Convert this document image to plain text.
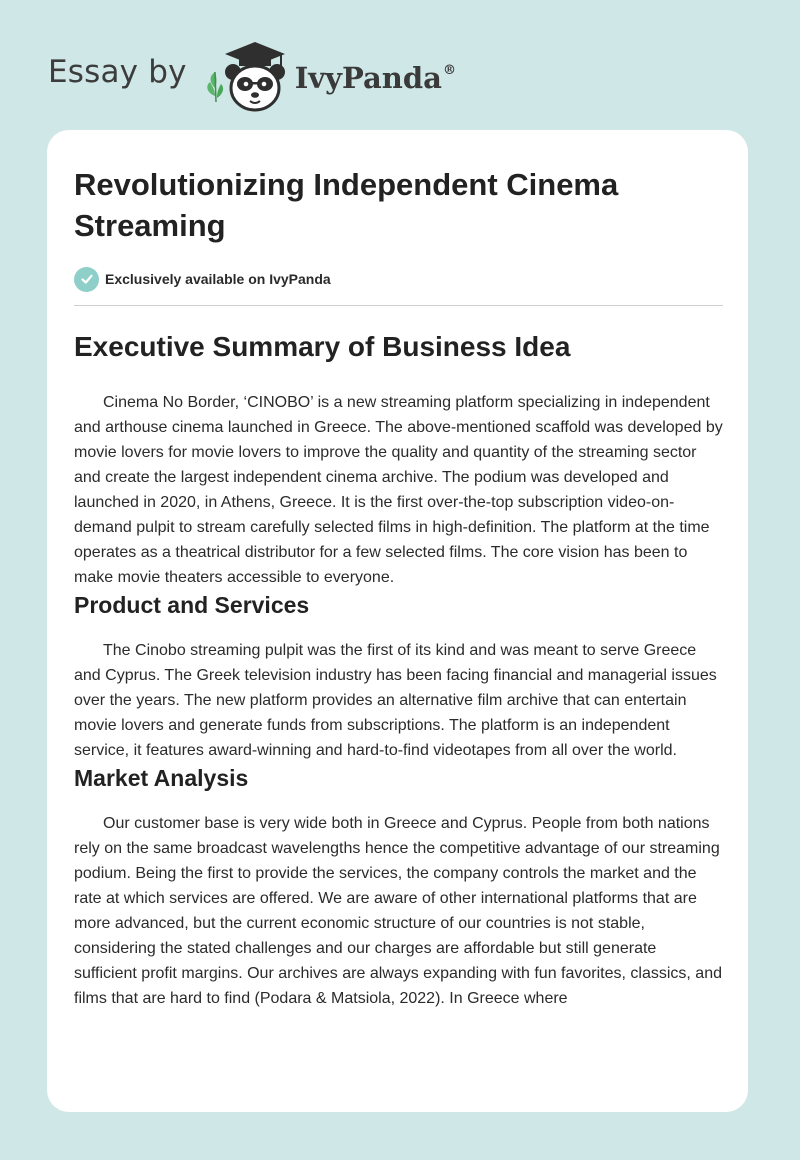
Essay by	IvyPanda®
Revolutionizing Independent Cinema Streaming
Exclusively available on IvyPanda
Executive Summary of Business Idea

Cinema No Border, ‘CINOBO’ is a new streaming platform specializing in independent and arthouse cinema launched in Greece. The above-mentioned scaffold was developed by movie lovers for movie lovers to improve the quality and quantity of the streaming sector and create the largest independent cinema archive. The podium was developed and launched in 2020, in Athens, Greece. It is the first over-the-top subscription video-on-demand pulpit to stream carefully selected films in high-definition. The platform at the time operates as a theatrical distributor for a few selected films. The core vision has been to make movie theaters accessible to everyone.

Product and Services

The Cinobo streaming pulpit was the first of its kind and was meant to serve Greece and Cyprus. The Greek television industry has been facing financial and managerial issues over the years. The new platform provides an alternative film archive that can entertain movie lovers and generate funds from subscriptions. The platform is an independent service, it features award-winning and hard-to-find videotapes from all over the world.

Market Analysis

Our customer base is very wide both in Greece and Cyprus. People from both nations rely on the same broadcast wavelengths hence the competitive advantage of our streaming podium. Being the first to provide the services, the company controls the market and the rate at which services are offered. We are aware of other international platforms that are more advanced, but the current economic structure of our countries is not stable, considering the stated challenges and our charges are affordable but still generate sufficient profit margins. Our archives are always expanding with fun favorites, classics, and films that are hard to find (Podara & Matsiola, 2022). In Greece where
